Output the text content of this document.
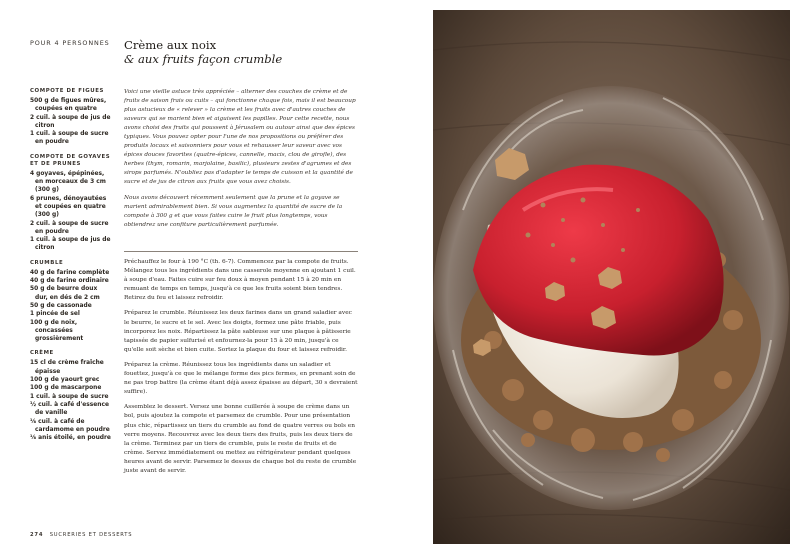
POUR 4 PERSONNES Crème aux noix
& aux fruits façon crumble
COMPOTE DE FIGUES
500 g de figues mûres, coupées en quatre
2 cuil. à soupe de jus de citron
1 cuil. à soupe de sucre en poudre
COMPOTE DE GOYAVES ET DE PRUNES
4 goyaves, épépinées, en morceaux de 3 cm (300 g)
6 prunes, dénoyautées et coupées en quatre (300 g)
2 cuil. à soupe de sucre en poudre
1 cuil. à soupe de jus de citron
CRUMBLE
40 g de farine complète
40 g de farine ordinaire
50 g de beurre doux dur, en dés de 2 cm
50 g de cassonade
1 pincée de sel
100 g de noix, concassées grossièrement
CRÈME
15 cl de crème fraîche épaisse
100 g de yaourt grec
100 g de mascarpone
1 cuil. à soupe de sucre
½ cuil. à café d'essence de vanille
⅛ cuil. à café de cardamome en poudre
⅛ anis étoilé, en poudre

Voici une vieille astuce très appréciée – alterner des couches de crème et de fruits de saison frais ou cuits – qui fonctionne chaque fois, mais il est beaucoup plus astucieux de « relever » la crème et les fruits avec d'autres couches de saveurs qui se marient bien et aiguisent les papilles. Pour cette recette, nous avons choisi des fruits qui poussent à Jérusalem ou autour ainsi que des épices typiques. Vous pouvez opter pour l'une de nos propositions ou préférer des produits locaux et saisonniers pour vous et rehausser leur saveur avec vos épices douces favorites (quatre-épices, cannelle, macis, clou de girofle), des herbes (thym, romarin, marjolaine, basilic), plusieurs zestes d'agrumes et des sirops parfumés. N'oubliez pas d'adapter le temps de cuisson et la quantité de sucre et de jus de citron aux fruits que vous avez choisis.

Nous avons découvert récemment seulement que la prune et la goyave se marient admirablement bien. Si vous augmentez la quantité de sucre de la compote à 300 g et que vous faites cuire le fruit plus longtemps, vous obtiendrez une confiture particulièrement parfumée.

Préchauffez le four à 190 °C (th. 6-7). Commencez par la compote de fruits. Mélangez tous les ingrédients dans une casserole moyenne en ajoutant 1 cuil. à soupe d'eau. Faites cuire sur feu doux à moyen pendant 15 à 20 min en remuant de temps en temps, jusqu'à ce que les fruits soient bien tendres. Retirez du feu et laissez refroidir.

Préparez le crumble. Réunissez les deux farines dans un grand saladier avec le beurre, le sucre et le sel. Avec les doigts, formez une pâte friable, puis incorporez les noix. Répartissez la pâte sableuse sur une plaque à pâtisserie tapissée de papier sulfurisé et enfournez-la pour 15 à 20 min, jusqu'à ce qu'elle soit sèche et bien cuite. Sortez la plaque du four et laissez refroidir.

Préparez la crème. Réunissez tous les ingrédients dans un saladier et fouettez, jusqu'à ce que le mélange forme des pics fermes, en prenant soin de ne pas trop battre (la crème étant déjà assez épaisse au départ, 30 s devraient suffire).

Assemblez le dessert. Versez une bonne cuillerée à soupe de crème dans un bol, puis ajoutez la compote et parsemez de crumble. Pour une présentation plus chic, répartissez un tiers du crumble au fond de quatre verres ou bols en verre moyens. Recouvrez avec les deux tiers des fruits, puis les deux tiers de la crème. Terminez par un tiers de crumble, puis le reste de fruits et de crème. Servez immédiatement ou mettez au réfrigérateur pendant quelques heures avant de servir. Parsemez le dessus de chaque bol du reste de crumble juste avant de servir.

274 SUCRERIES ET DESSERTS
